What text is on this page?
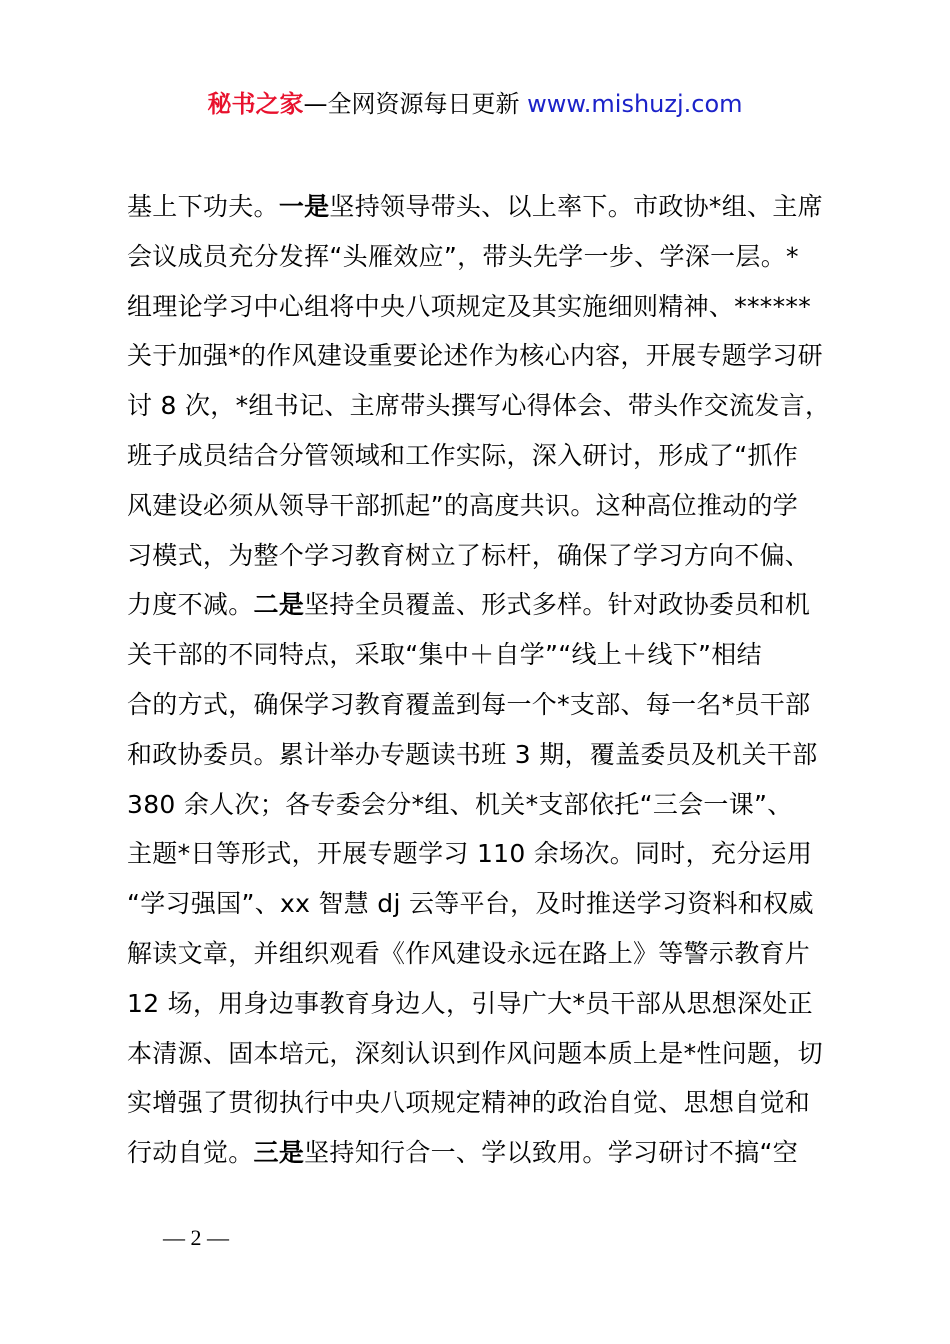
秘书之家—全网资源每日更新 www.mishuzj.com
基上下功夫。一是坚持领导带头、以上率下。市政协*组、主席
会议成员充分发挥“头雁效应”，带头先学一步、学深一层。*
组理论学习中心组将中央八项规定及其实施细则精神、******
关于加强*的作风建设重要论述作为核心内容，开展专题学习研
讨 8 次，*组书记、主席带头撰写心得体会、带头作交流发言，
班子成员结合分管领域和工作实际，深入研讨，形成了“抓作
风建设必须从领导干部抓起”的高度共识。这种高位推动的学
习模式，为整个学习教育树立了标杆，确保了学习方向不偏、
力度不减。二是坚持全员覆盖、形式多样。针对政协委员和机
关干部的不同特点，采取“集中＋自学”“线上＋线下”相结
合的方式，确保学习教育覆盖到每一个*支部、每一名*员干部
和政协委员。累计举办专题读书班 3 期，覆盖委员及机关干部
380 余人次；各专委会分*组、机关*支部依托“三会一课”、
主题*日等形式，开展专题学习 110 余场次。同时，充分运用
“学习强国”、xx 智慧 dj 云等平台，及时推送学习资料和权威
解读文章，并组织观看《作风建设永远在路上》等警示教育片
12 场，用身边事教育身边人，引导广大*员干部从思想深处正
本清源、固本培元，深刻认识到作风问题本质上是*性问题，切
实增强了贯彻执行中央八项规定精神的政治自觉、思想自觉和
行动自觉。三是坚持知行合一、学以致用。学习研讨不搞“空
— 2 —
